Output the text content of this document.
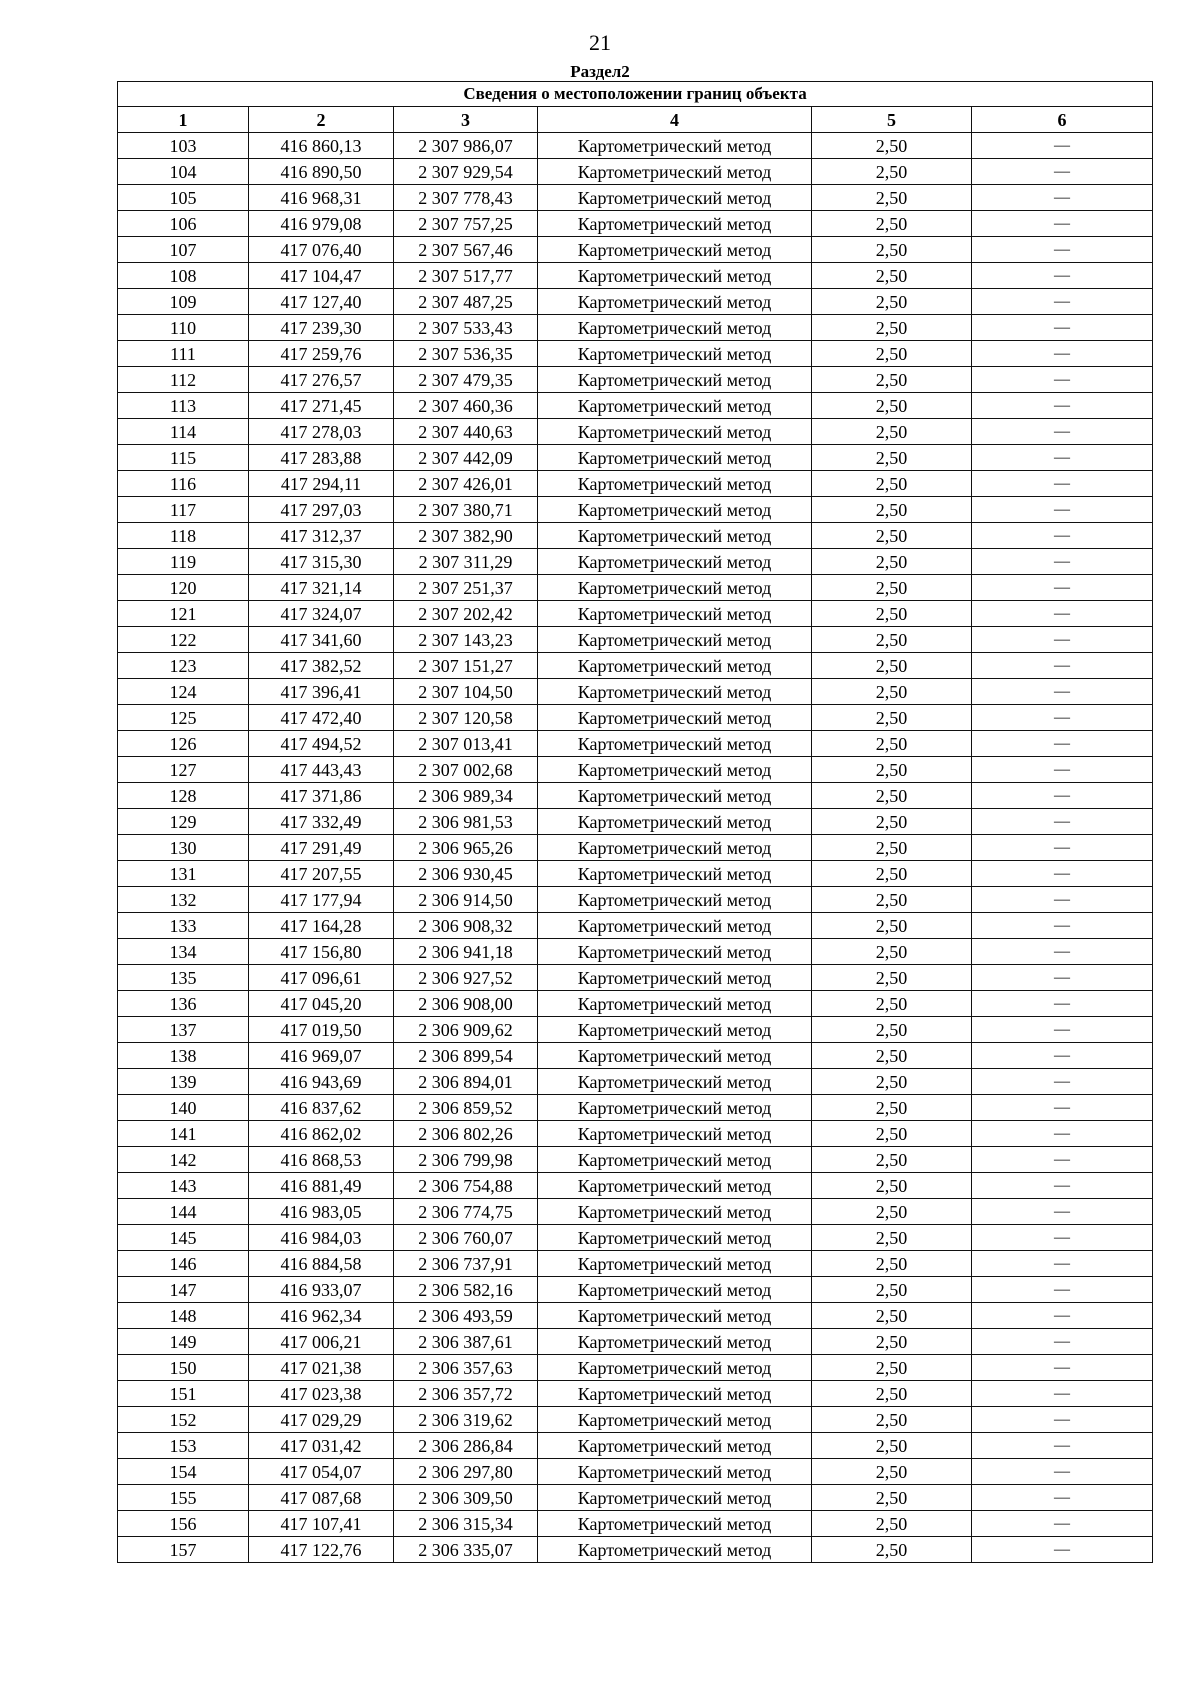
21
Раздел2
Сведения о местоположении границ объекта					
1	2	3	4	5	6
103	416 860,13	2 307 986,07	Картометрический метод	2,50	—
104	416 890,50	2 307 929,54	Картометрический метод	2,50	—
105	416 968,31	2 307 778,43	Картометрический метод	2,50	—
106	416 979,08	2 307 757,25	Картометрический метод	2,50	—
107	417 076,40	2 307 567,46	Картометрический метод	2,50	—
108	417 104,47	2 307 517,77	Картометрический метод	2,50	—
109	417 127,40	2 307 487,25	Картометрический метод	2,50	—
110	417 239,30	2 307 533,43	Картометрический метод	2,50	—
111	417 259,76	2 307 536,35	Картометрический метод	2,50	—
112	417 276,57	2 307 479,35	Картометрический метод	2,50	—
113	417 271,45	2 307 460,36	Картометрический метод	2,50	—
114	417 278,03	2 307 440,63	Картометрический метод	2,50	—
115	417 283,88	2 307 442,09	Картометрический метод	2,50	—
116	417 294,11	2 307 426,01	Картометрический метод	2,50	—
117	417 297,03	2 307 380,71	Картометрический метод	2,50	—
118	417 312,37	2 307 382,90	Картометрический метод	2,50	—
119	417 315,30	2 307 311,29	Картометрический метод	2,50	—
120	417 321,14	2 307 251,37	Картометрический метод	2,50	—
121	417 324,07	2 307 202,42	Картометрический метод	2,50	—
122	417 341,60	2 307 143,23	Картометрический метод	2,50	—
123	417 382,52	2 307 151,27	Картометрический метод	2,50	—
124	417 396,41	2 307 104,50	Картометрический метод	2,50	—
125	417 472,40	2 307 120,58	Картометрический метод	2,50	—
126	417 494,52	2 307 013,41	Картометрический метод	2,50	—
127	417 443,43	2 307 002,68	Картометрический метод	2,50	—
128	417 371,86	2 306 989,34	Картометрический метод	2,50	—
129	417 332,49	2 306 981,53	Картометрический метод	2,50	—
130	417 291,49	2 306 965,26	Картометрический метод	2,50	—
131	417 207,55	2 306 930,45	Картометрический метод	2,50	—
132	417 177,94	2 306 914,50	Картометрический метод	2,50	—
133	417 164,28	2 306 908,32	Картометрический метод	2,50	—
134	417 156,80	2 306 941,18	Картометрический метод	2,50	—
135	417 096,61	2 306 927,52	Картометрический метод	2,50	—
136	417 045,20	2 306 908,00	Картометрический метод	2,50	—
137	417 019,50	2 306 909,62	Картометрический метод	2,50	—
138	416 969,07	2 306 899,54	Картометрический метод	2,50	—
139	416 943,69	2 306 894,01	Картометрический метод	2,50	—
140	416 837,62	2 306 859,52	Картометрический метод	2,50	—
141	416 862,02	2 306 802,26	Картометрический метод	2,50	—
142	416 868,53	2 306 799,98	Картометрический метод	2,50	—
143	416 881,49	2 306 754,88	Картометрический метод	2,50	—
144	416 983,05	2 306 774,75	Картометрический метод	2,50	—
145	416 984,03	2 306 760,07	Картометрический метод	2,50	—
146	416 884,58	2 306 737,91	Картометрический метод	2,50	—
147	416 933,07	2 306 582,16	Картометрический метод	2,50	—
148	416 962,34	2 306 493,59	Картометрический метод	2,50	—
149	417 006,21	2 306 387,61	Картометрический метод	2,50	—
150	417 021,38	2 306 357,63	Картометрический метод	2,50	—
151	417 023,38	2 306 357,72	Картометрический метод	2,50	—
152	417 029,29	2 306 319,62	Картометрический метод	2,50	—
153	417 031,42	2 306 286,84	Картометрический метод	2,50	—
154	417 054,07	2 306 297,80	Картометрический метод	2,50	—
155	417 087,68	2 306 309,50	Картометрический метод	2,50	—
156	417 107,41	2 306 315,34	Картометрический метод	2,50	—
157	417 122,76	2 306 335,07	Картометрический метод	2,50	—
